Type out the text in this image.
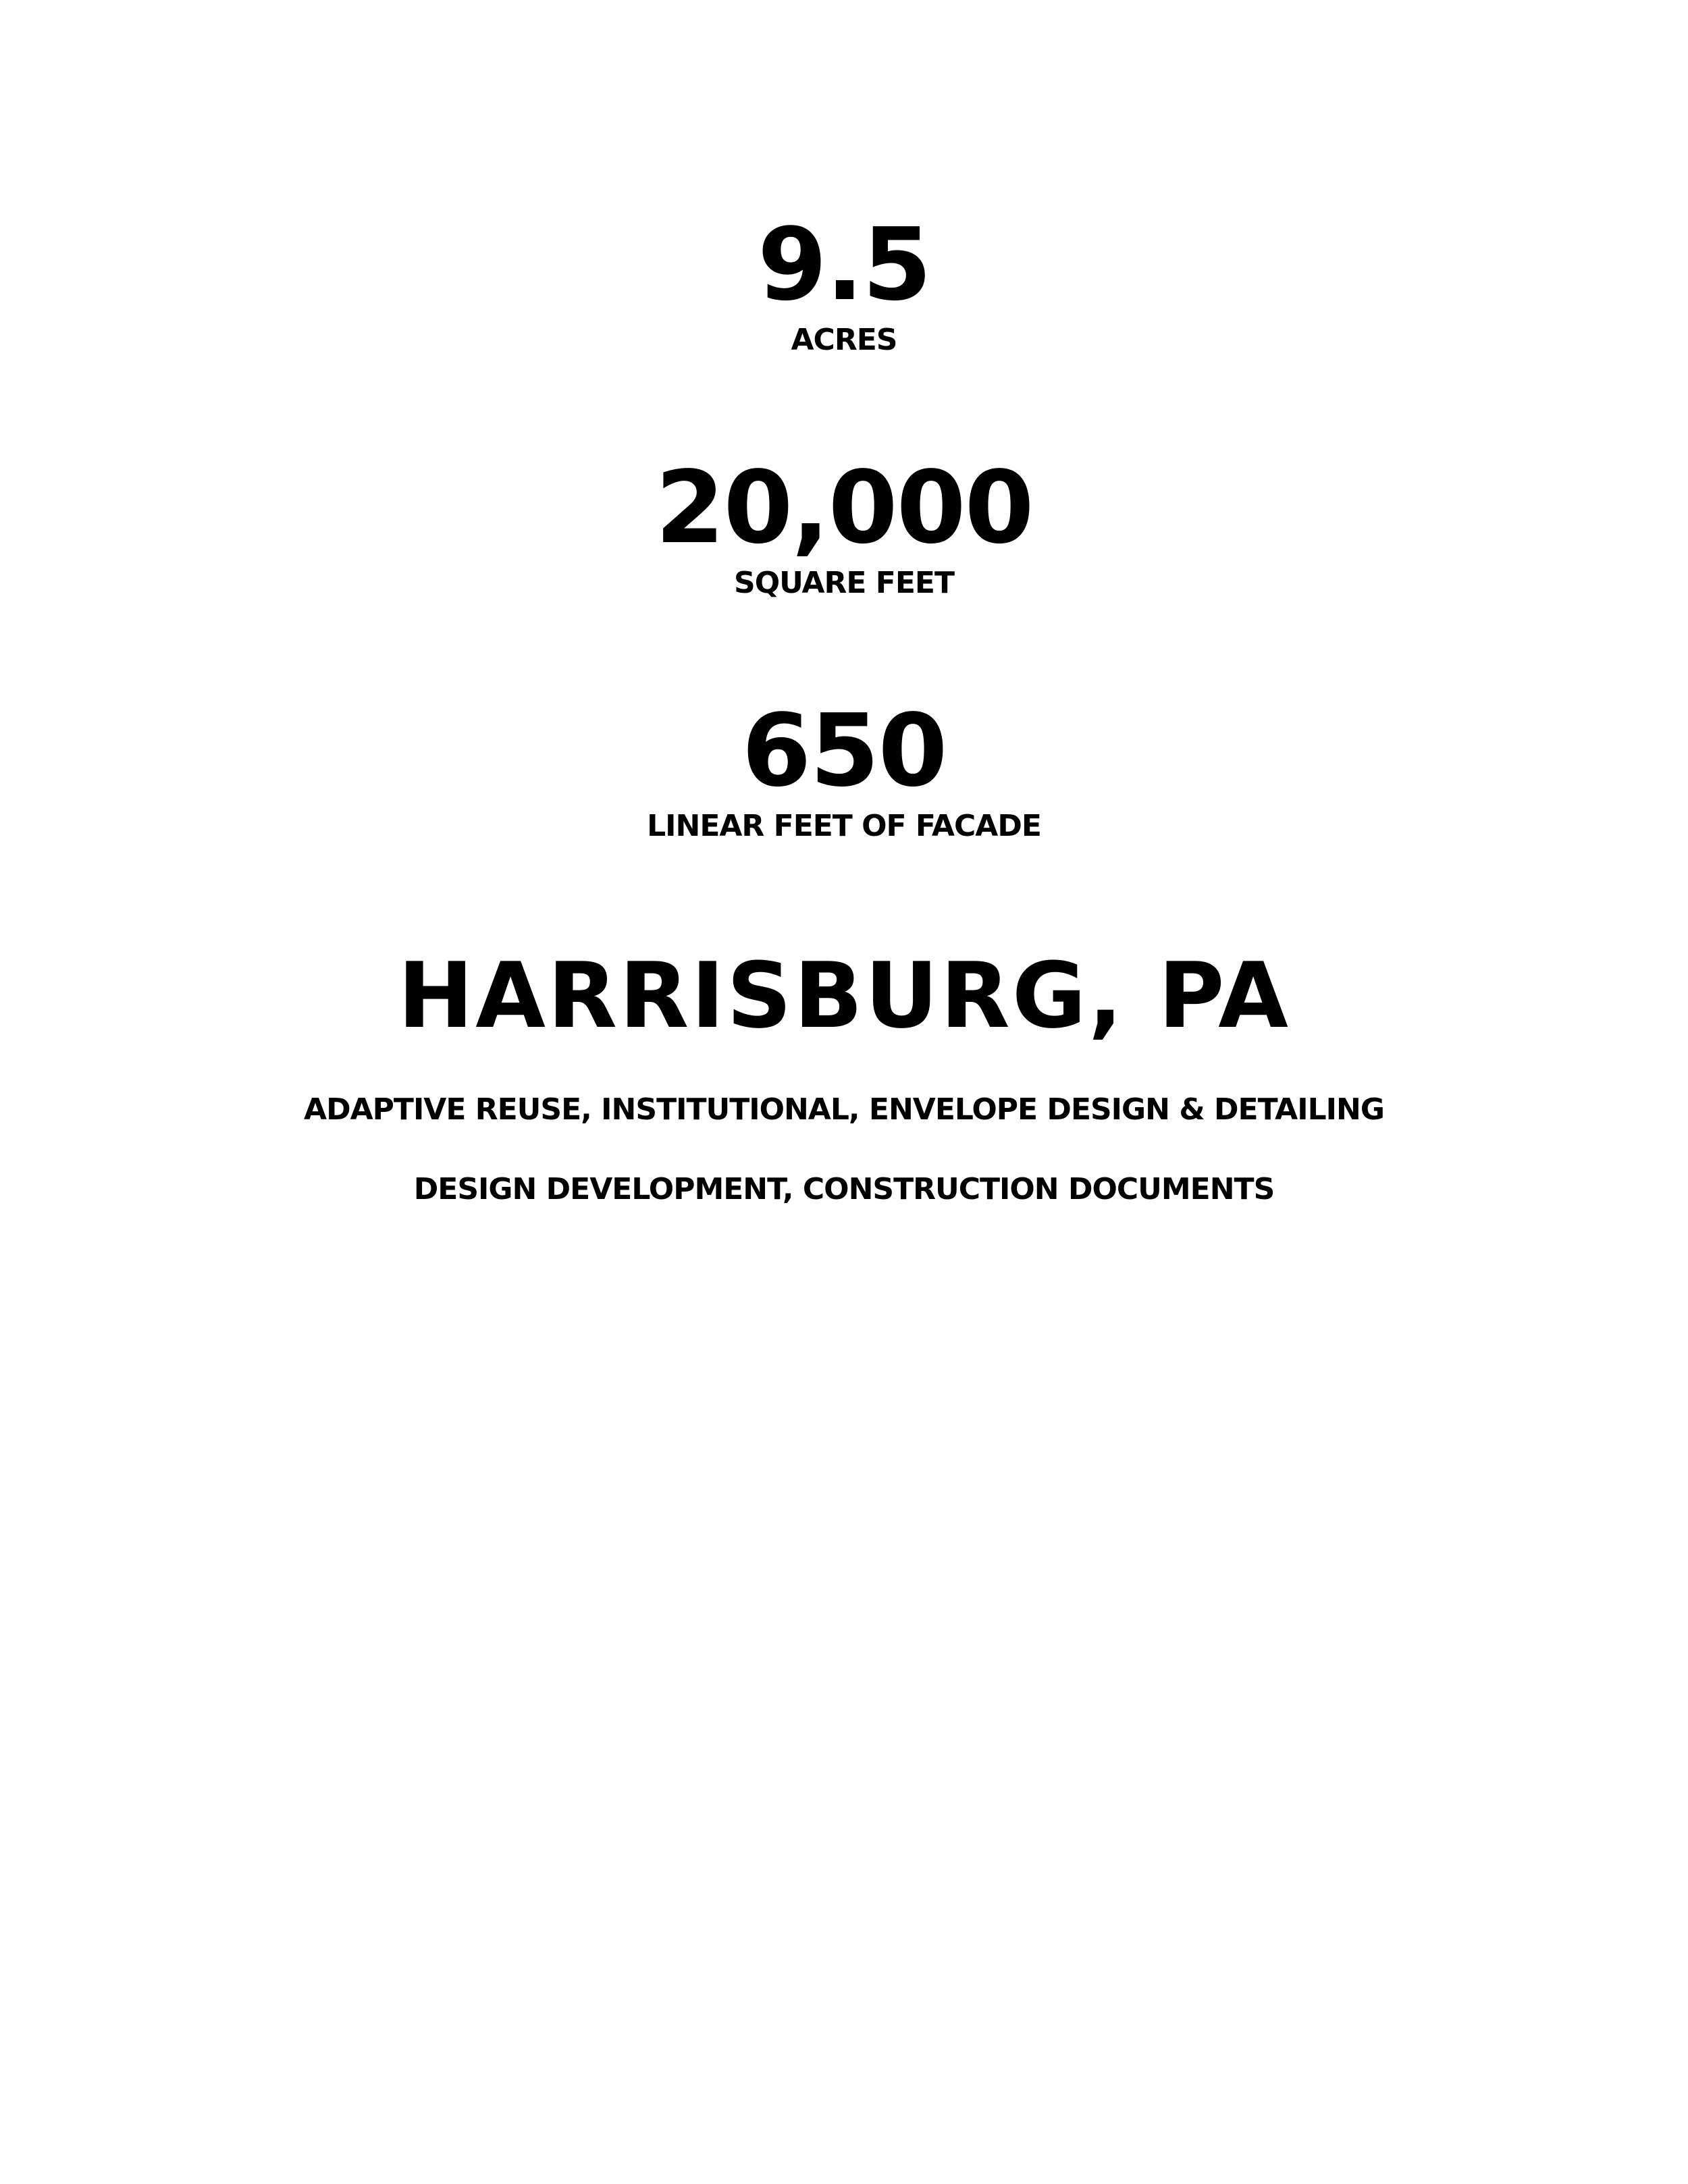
9.5
ACRES
20,000
SQUARE FEET
650
LINEAR FEET OF FACADE
HARRISBURG, PA
ADAPTIVE REUSE, INSTITUTIONAL, ENVELOPE DESIGN & DETAILING
DESIGN DEVELOPMENT, CONSTRUCTION DOCUMENTS
